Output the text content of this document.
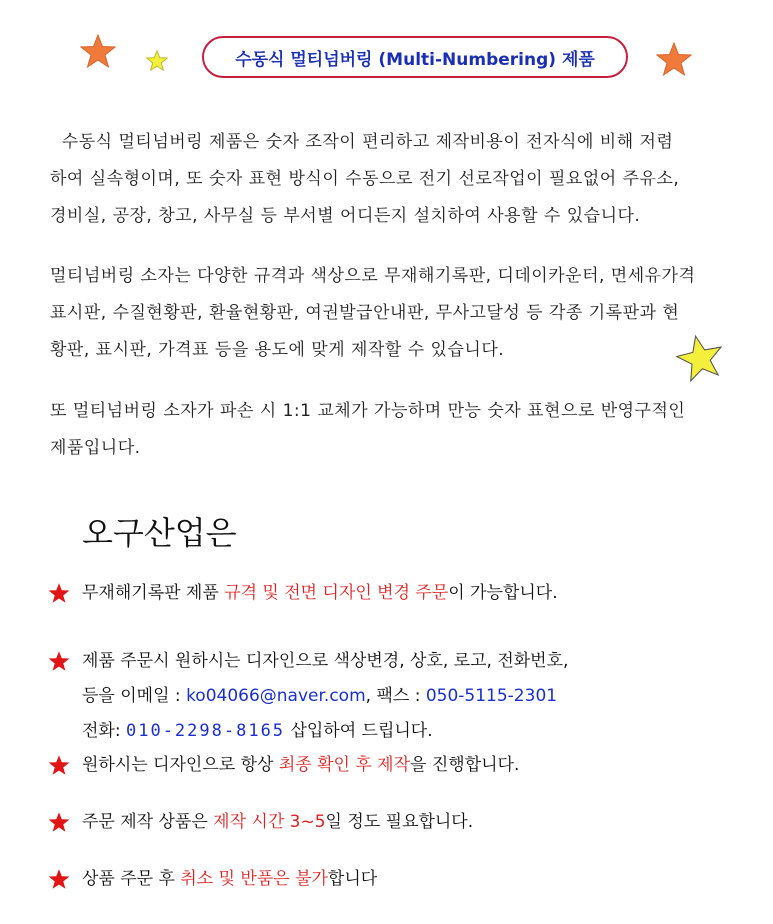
수동식 멀티넘버링 (Multi-Numbering) 제품
수동식 멀티넘버링 제품은 숫자 조작이 편리하고 제작비용이 전자식에 비해 저렴
하여 실속형이며, 또 숫자 표현 방식이 수동으로 전기 선로작업이 필요없어 주유소,
경비실, 공장, 창고, 사무실 등 부서별 어디든지 설치하여 사용할 수 있습니다.
멀티넘버링 소자는 다양한 규격과 색상으로 무재해기록판, 디데이카운터, 면세유가격
표시판, 수질현황판, 환율현황판, 여권발급안내판, 무사고달성 등 각종 기록판과 현
황판, 표시판, 가격표 등을 용도에 맞게 제작할 수 있습니다.
또 멀티넘버링 소자가 파손 시 1:1 교체가 가능하며 만능 숫자 표현으로 반영구적인
제품입니다.
오구산업은
무재해기록판 제품 규격 및 전면 디자인 변경 주문이 가능합니다.
제품 주문시 원하시는 디자인으로 색상변경, 상호, 로고, 전화번호,
등을 이메일 : ko04066@naver.com, 팩스 : 050-5115-2301
전화: 010-2298-8165 삽입하여 드립니다.
원하시는 디자인으로 항상 최종 확인 후 제작을 진행합니다.
주문 제작 상품은 제작 시간 3~5일 정도 필요합니다.
상품 주문 후 취소 및 반품은 불가합니다
